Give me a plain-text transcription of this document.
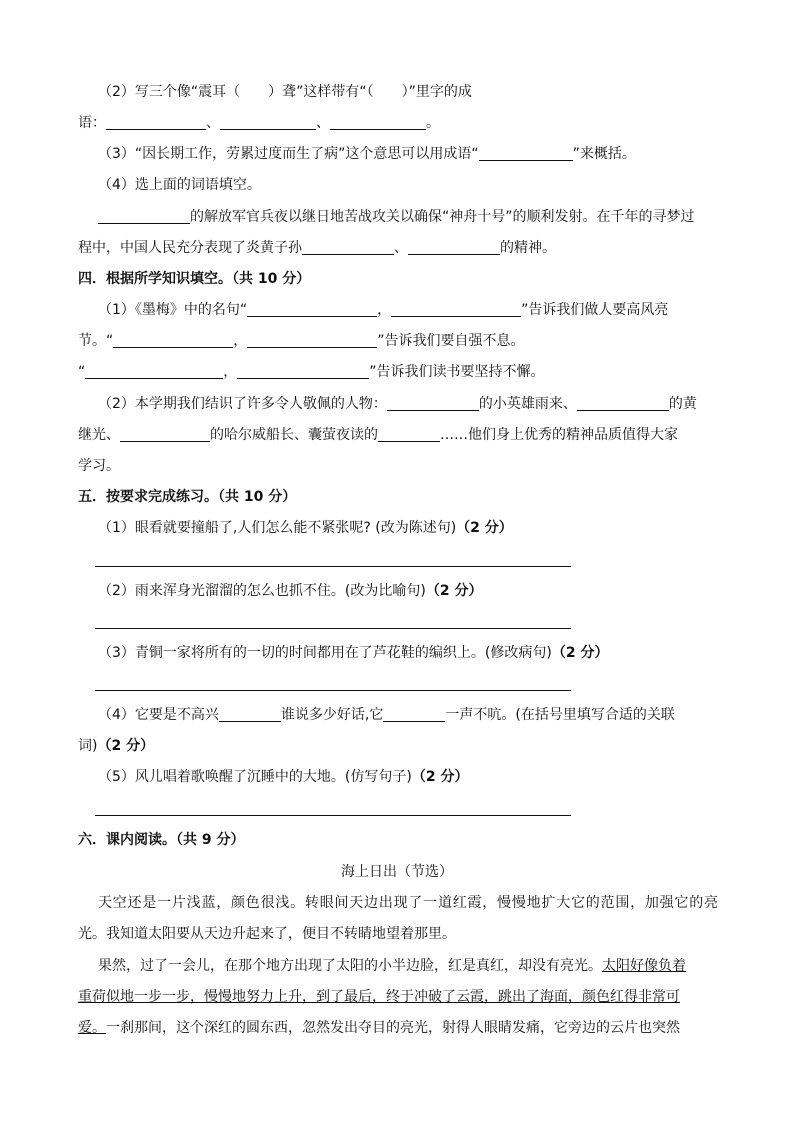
（2）写三个像“震耳（　　）聋”这样带有“（　　）”里字的成
语：	、	、	。
（3）“因长期工作，劳累过度而生了病”这个意思可以用成语“	”来概括。
（4）选上面的词语填空。
的解放军官兵夜以继日地苦战攻关以确保“神舟十号”的顺利发射。在千年的寻梦过
程中，中国人民充分表现了炎黄子孙	、	的精神。
四．根据所学知识填空。（共 10 分）
（1）《墨梅》中的名句“	，	”告诉我们做人要高风亮
节。“	，	”告诉我们要自强不息。
“	，	”告诉我们读书要坚持不懈。
（2）本学期我们结识了许多令人敬佩的人物：	的小英雄雨来、	的黄
继光、	的哈尔威船长、囊萤夜读的	……他们身上优秀的精神品质值得大家
学习。
五．按要求完成练习。（共 10 分）
（1）眼看就要撞船了,人们怎么能不紧张呢? (改为陈述句)（2 分）
（2）雨来浑身光溜溜的怎么也抓不住。(改为比喻句)（2 分）
（3）青铜一家将所有的一切的时间都用在了芦花鞋的编织上。(修改病句)（2 分）
（4）它要是不高兴	谁说多少好话,它	一声不吭。(在括号里填写合适的关联
词)（2 分）
（5）风儿唱着歌唤醒了沉睡中的大地。(仿写句子)（2 分）
六．课内阅读。（共 9 分）
海上日出（节选）
天空还是一片浅蓝，颜色很浅。转眼间天边出现了一道红霞，慢慢地扩大它的范围，加强它的亮
光。我知道太阳要从天边升起来了，便目不转睛地望着那里。
果然，过了一会儿，在那个地方出现了太阳的小半边脸，红是真红，却没有亮光。太阳好像负着
重荷似地一步一步，慢慢地努力上升，到了最后，终于冲破了云霞，跳出了海面，颜色红得非常可
爱。一刹那间，这个深红的圆东西，忽然发出夺目的亮光，射得人眼睛发痛，它旁边的云片也突然
